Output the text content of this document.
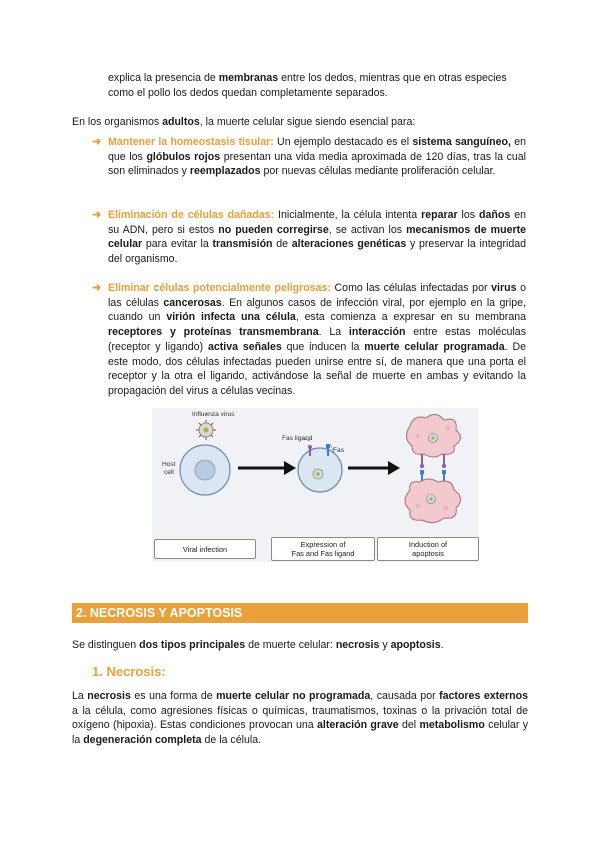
explica la presencia de membranas entre los dedos, mientras que en otras especies

como el pollo los dedos quedan completamente separados.

En los organismos adultos, la muerte celular sigue siendo esencial para:

➜ Mantener la homeostasis tisular: Un ejemplo destacado es el sistema sanguíneo, en que los glóbulos rojos presentan una vida media aproximada de 120 días, tras la cual son eliminados y reemplazados por nuevas células mediante proliferación celular.

➜ Eliminación de células dañadas: Inicialmente, la célula intenta reparar los daños en su ADN, pero si estos no pueden corregirse, se activan los mecanismos de muerte celular para evitar la transmisión de alteraciones genéticas y preservar la integridad del organismo.

➜ Eliminar células potencialmente peligrosas: Como las células infectadas por virus o las células cancerosas. En algunos casos de infección viral, por ejemplo en la gripe, cuando un virión infecta una célula, esta comienza a expresar en su membrana receptores y proteínas transmembrana. La interacción entre estas moléculas (receptor y ligando) activa señales que inducen la muerte celular programada. De este modo, dos células infectadas pueden unirse entre sí, de manera que una porta el receptor y la otra el ligando, activándose la señal de muerte en ambas y evitando la propagación del virus a células vecinas.

Influenza virus
Host
cell
Fas ligand
Fas
Viral infection	Expression of
Fas and Fas ligand
Induction of
apoptosis
2. NECROSIS Y APOPTOSIS

Se distinguen dos tipos principales de muerte celular: necrosis y apoptosis.

1. Necrosis:

La necrosis es una forma de muerte celular no programada, causada por factores externos a la célula, como agresiones físicas o químicas, traumatismos, toxinas o la privación total de oxígeno (hipoxia). Estas condiciones provocan una alteración grave del metabolismo celular y la degeneración completa de la célula.
